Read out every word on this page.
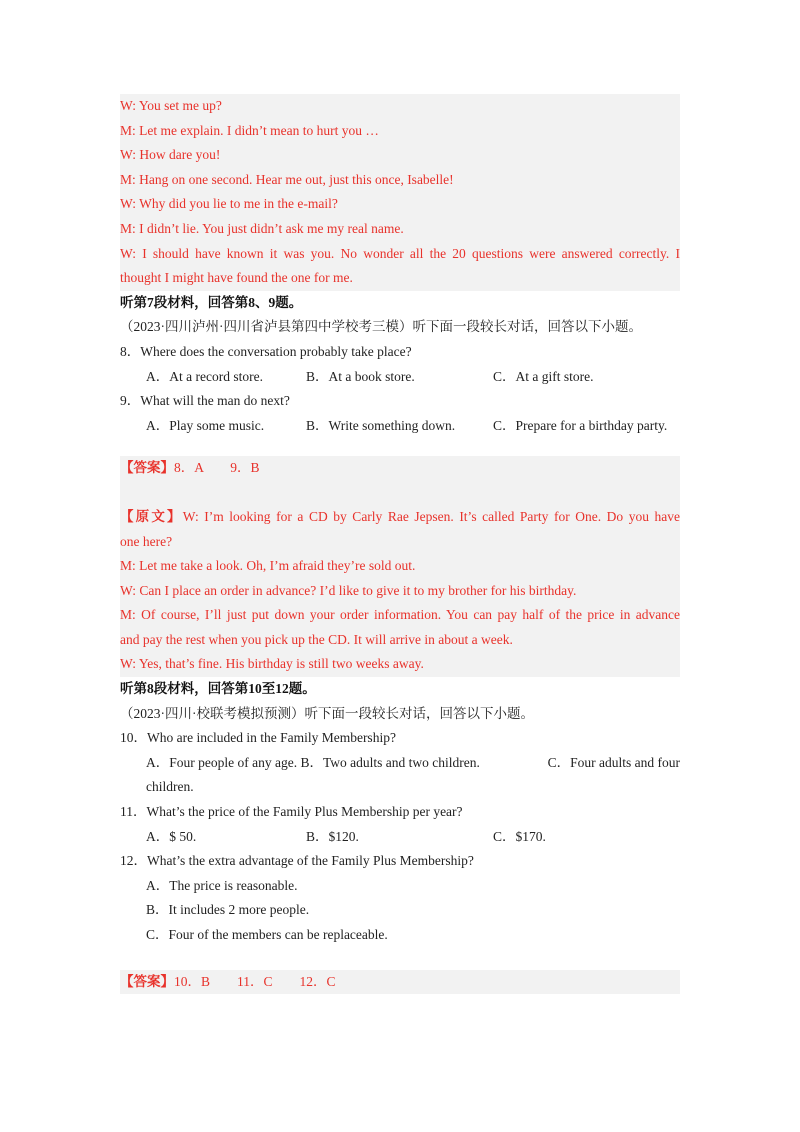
W: You set me up?
M: Let me explain. I didn’t mean to hurt you …
W: How dare you!
M: Hang on one second. Hear me out, just this once, Isabelle!
W: Why did you lie to me in the e-mail?
M: I didn’t lie. You just didn’t ask me my real name.
W: I should have known it was you. No wonder all the 20 questions were answered correctly. I
thought I might have found the one for me.
听第7段材料，回答第8、9题。
（2023·四川泸州·四川省泸县第四中学校考三模）听下面一段较长对话，回答以下小题。
8．Where does the conversation probably take place?
A．At a record store.	B．At a book store.	C．At a gift store.
9．What will the man do next?
A．Play some music.	B．Write something down.	C．Prepare for a birthday party.
【答案】8．A　　9．B
【原文】W: I’m looking for a CD by Carly Rae Jepsen. It’s called Party for One. Do you have
one here?
M: Let me take a look. Oh, I’m afraid they’re sold out.
W: Can I place an order in advance? I’d like to give it to my brother for his birthday.
M: Of course, I’ll just put down your order information. You can pay half of the price in advance
and pay the rest when you pick up the CD. It will arrive in about a week.
W: Yes, that’s fine. His birthday is still two weeks away.
听第8段材料，回答第10至12题。
（2023·四川·校联考模拟预测）听下面一段较长对话，回答以下小题。
10．Who are included in the Family Membership?
A．Four people of any age. B．Two adults and two children.	C．Four adults and four
children.
11．What’s the price of the Family Plus Membership per year?
A．$ 50.	B．$120.	C．$170.
12．What’s the extra advantage of the Family Plus Membership?
A．The price is reasonable.
B．It includes 2 more people.
C．Four of the members can be replaceable.
【答案】10．B　　11．C　　12．C
